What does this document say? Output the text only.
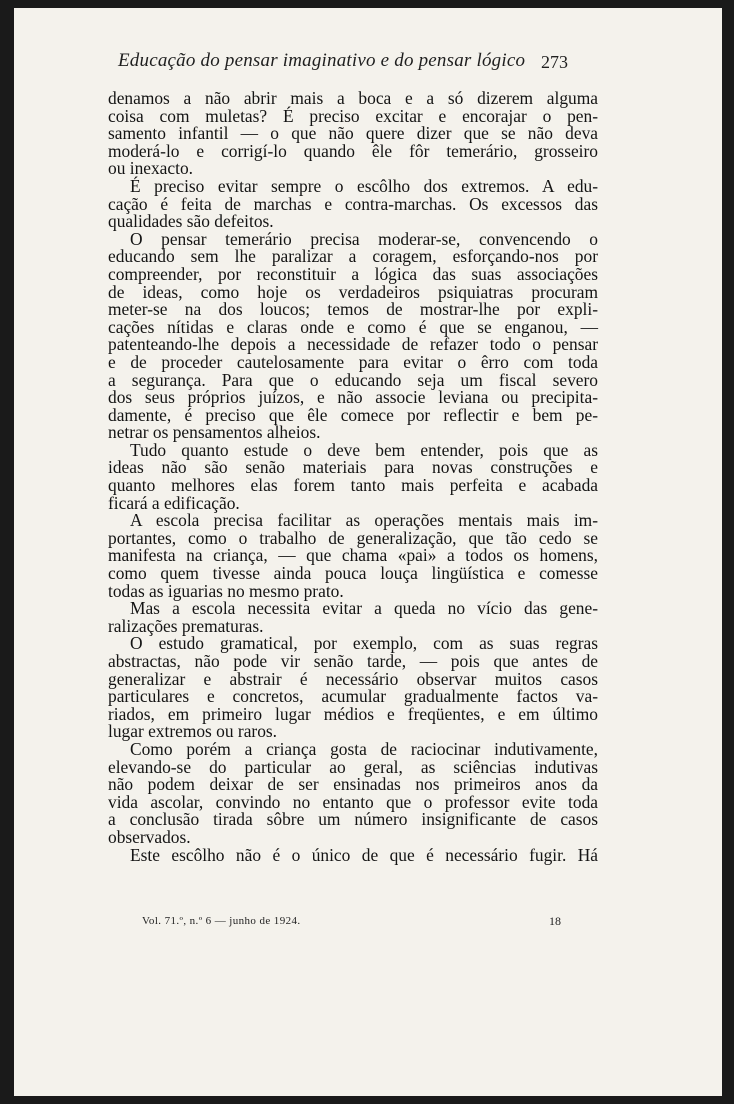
Educação do pensar imaginativo e do pensar lógico 273

denamos a não abrir mais a boca e a só dizerem alguma

coisa com muletas? É preciso excitar e encorajar o pen-

samento infantil — o que não quere dizer que se não deva

moderá-lo e corrigí-lo quando êle fôr temerário, grosseiro

ou inexacto.

É preciso evitar sempre o escôlho dos extremos. A edu-

cação é feita de marchas e contra-marchas. Os excessos das

qualidades são defeitos.

O pensar temerário precisa moderar-se, convencendo o

educando sem lhe paralizar a coragem, esforçando-nos por

compreender, por reconstituir a lógica das suas associações

de ideas, como hoje os verdadeiros psiquiatras procuram

meter-se na dos loucos; temos de mostrar-lhe por expli-

cações nítidas e claras onde e como é que se enganou, —

patenteando-lhe depois a necessidade de refazer todo o pensar

e de proceder cautelosamente para evitar o êrro com toda

a segurança. Para que o educando seja um fiscal severo

dos seus próprios juízos, e não associe leviana ou precipita-

damente, é preciso que êle comece por reflectir e bem pe-

netrar os pensamentos alheios.

Tudo quanto estude o deve bem entender, pois que as

ideas não são senão materiais para novas construções e

quanto melhores elas forem tanto mais perfeita e acabada

ficará a edificação.

A escola precisa facilitar as operações mentais mais im-

portantes, como o trabalho de generalização, que tão cedo se

manifesta na criança, — que chama «pai» a todos os homens,

como quem tivesse ainda pouca louça lingüística e comesse

todas as iguarias no mesmo prato.

Mas a escola necessita evitar a queda no vício das gene-

ralizações prematuras.

O estudo gramatical, por exemplo, com as suas regras

abstractas, não pode vir senão tarde, — pois que antes de

generalizar e abstrair é necessário observar muitos casos

particulares e concretos, acumular gradualmente factos va-

riados, em primeiro lugar médios e freqüentes, e em último

lugar extremos ou raros.

Como porém a criança gosta de raciocinar indutivamente,

elevando-se do particular ao geral, as sciências indutivas

não podem deixar de ser ensinadas nos primeiros anos da

vida ascolar, convindo no entanto que o professor evite toda

a conclusão tirada sôbre um número insignificante de casos

observados.

Este escôlho não é o único de que é necessário fugir. Há

Vol. 71.º, n.º 6 — junho de 1924.	18
